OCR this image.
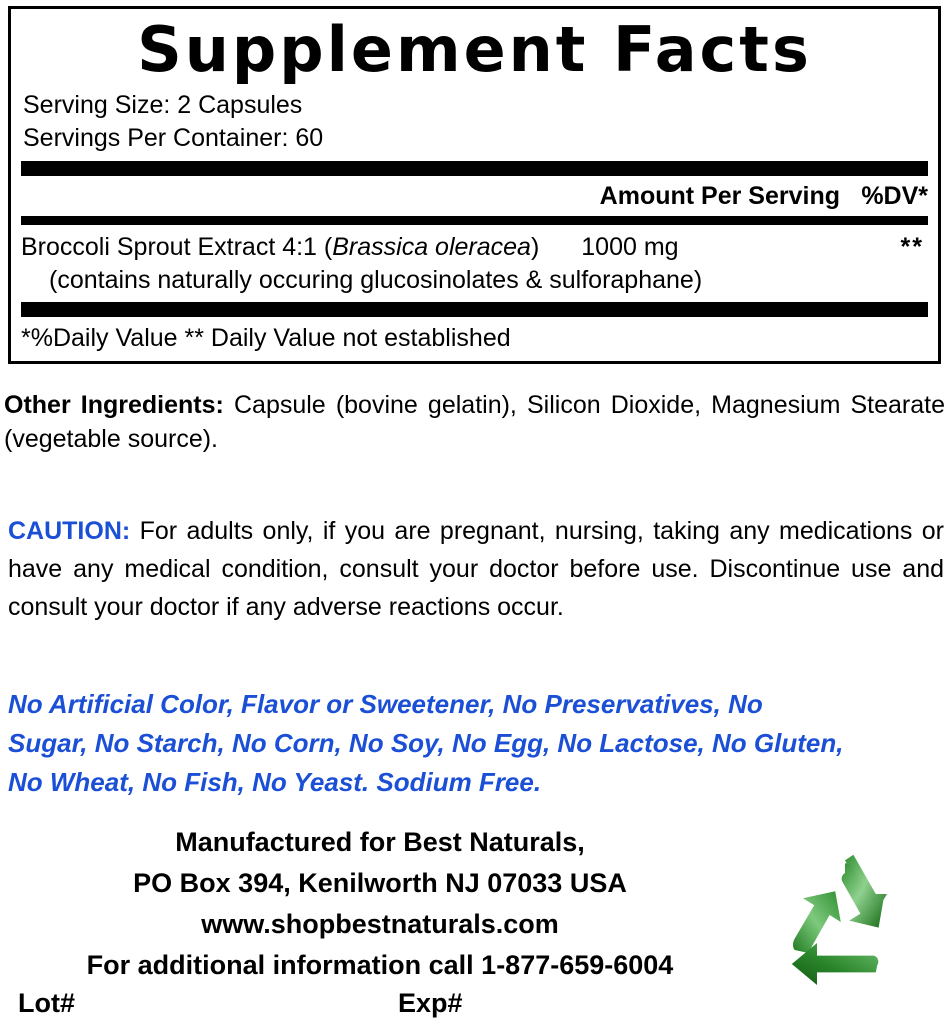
Supplement Facts
Serving Size: 2 Capsules
Servings Per Container: 60
Amount Per Serving %DV*
Broccoli Sprout Extract 4:1 (Brassica oleracea) 1000 mg	**
(contains naturally occuring glucosinolates & sulforaphane)
*%Daily Value ** Daily Value not established
Other Ingredients: Capsule (bovine gelatin), Silicon Dioxide, Magnesium Stearate (vegetable source).
CAUTION: For adults only, if you are pregnant, nursing, taking any medications or have any medical condition, consult your doctor before use. Discontinue use and consult your doctor if any adverse reactions occur.
No Artificial Color, Flavor or Sweetener, No Preservatives, No
Sugar, No Starch, No Corn, No Soy, No Egg, No Lactose, No Gluten,
No Wheat, No Fish, No Yeast. Sodium Free.
Manufactured for Best Naturals,
PO Box 394, Kenilworth NJ 07033 USA
www.shopbestnaturals.com
For additional information call 1-877-659-6004
Lot#	Exp#
